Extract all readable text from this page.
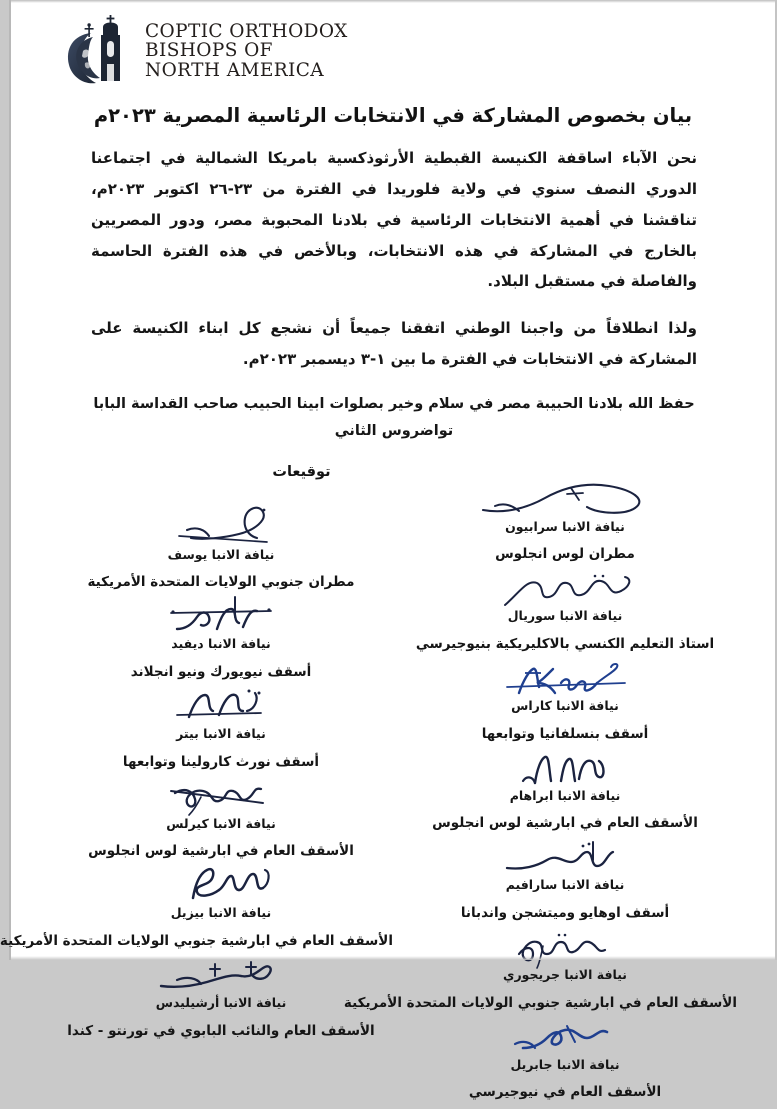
COPTIC ORTHODOX
BISHOPS OF
NORTH AMERICA
بيان بخصوص المشاركة في الانتخابات الرئاسية المصرية ٢٠٢٣م

نحن الآباء اساقفة الكنيسة القبطية الأرثوذكسية بامريكا الشمالية في اجتماعنا الدوري النصف سنوي في ولاية فلوريدا في الفترة من ٢٣-٢٦ اكتوبر ٢٠٢٣م، تناقشنا في أهمية الانتخابات الرئاسية في بلادنا المحبوبة مصر، ودور المصريين بالخارج في المشاركة في هذه الانتخابات، وبالأخص في هذه الفترة الحاسمة والفاصلة في مستقبل البلاد.

ولذا انطلاقاً من واجبنا الوطني اتفقنا جميعاً أن نشجع كل ابناء الكنيسة على المشاركة في الانتخابات في الفترة ما بين ١-٣ ديسمبر ٢٠٢٣م.

حفظ الله بلادنا الحبيبة مصر في سلام وخير بصلوات ابينا الحبيب صاحب القداسة البابا تواضروس الثاني

توقيعات
نيافة الانبا سرابيون
مطران لوس انجلوس
نيافة الانبا سوريال
استاذ التعليم الكنسي بالاكليريكية بنيوجيرسي
نيافة الانبا كاراس
أسقف بنسلفانيا وتوابعها
نيافة الانبا ابراهام
الأسقف العام في ابارشية لوس انجلوس
نيافة الانبا سارافيم
أسقف اوهايو وميتشجن واندبانا
نيافة الانبا جريجوري
الأسقف العام في ابارشية جنوبي الولايات المتحدة الأمريكية
نيافة الانبا جابريل
الأسقف العام في نيوجيرسي
نيافة الانبا يوسف
مطران جنوبي الولايات المتحدة الأمريكية
نيافة الانبا ديفيد
أسقف نيويورك ونيو انجلاند
نيافة الانبا بيتر
أسقف نورث كارولينا وتوابعها
نيافة الانبا كيرلس
الأسقف العام في ابارشية لوس انجلوس
نيافة الانبا بيزيل
الأسقف العام في ابارشية جنوبي الولايات المتحدة الأمريكية
نيافة الانبا أرشيليدس
الأسقف العام والنائب البابوي في تورنتو - كندا
